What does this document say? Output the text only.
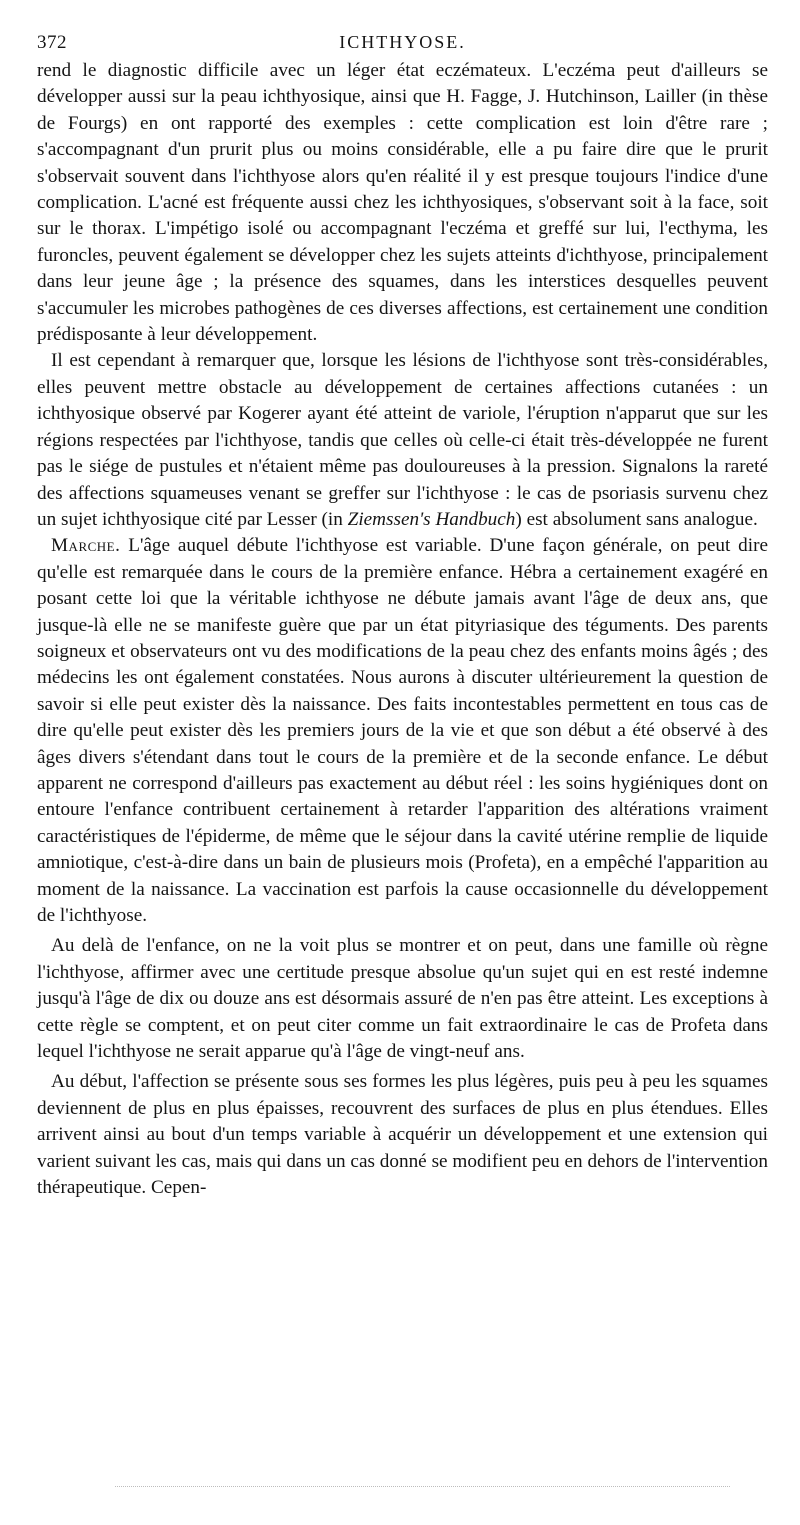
372	ICHTHYOSE.

rend le diagnostic difficile avec un léger état eczémateux. L'eczéma peut d'ailleurs se développer aussi sur la peau ichthyosique, ainsi que H. Fagge, J. Hutchinson, Lailler (in thèse de Fourgs) en ont rapporté des exemples : cette complication est loin d'être rare ; s'accompagnant d'un prurit plus ou moins considérable, elle a pu faire dire que le prurit s'observait souvent dans l'ichthyose alors qu'en réalité il y est presque toujours l'indice d'une complication. L'acné est fréquente aussi chez les ichthyosiques, s'observant soit à la face, soit sur le thorax. L'impétigo isolé ou accompagnant l'eczéma et greffé sur lui, l'ecthyma, les furoncles, peuvent également se développer chez les sujets atteints d'ichthyose, principalement dans leur jeune âge ; la présence des squames, dans les interstices desquelles peuvent s'accumuler les microbes pathogènes de ces diverses affections, est certainement une condition prédisposante à leur développement.

Il est cependant à remarquer que, lorsque les lésions de l'ichthyose sont très-considérables, elles peuvent mettre obstacle au développement de certaines affections cutanées : un ichthyosique observé par Kogerer ayant été atteint de variole, l'éruption n'apparut que sur les régions respectées par l'ichthyose, tandis que celles où celle-ci était très-développée ne furent pas le siége de pustules et n'étaient même pas douloureuses à la pression. Signalons la rareté des affections squameuses venant se greffer sur l'ichthyose : le cas de psoriasis survenu chez un sujet ichthyosique cité par Lesser (in Ziemssen's Handbuch) est absolument sans analogue.

Marche. L'âge auquel débute l'ichthyose est variable. D'une façon générale, on peut dire qu'elle est remarquée dans le cours de la première enfance. Hébra a certainement exagéré en posant cette loi que la véritable ichthyose ne débute jamais avant l'âge de deux ans, que jusque-là elle ne se manifeste guère que par un état pityriasique des téguments. Des parents soigneux et observateurs ont vu des modifications de la peau chez des enfants moins âgés ; des médecins les ont également constatées. Nous aurons à discuter ultérieurement la question de savoir si elle peut exister dès la naissance. Des faits incontestables permettent en tous cas de dire qu'elle peut exister dès les premiers jours de la vie et que son début a été observé à des âges divers s'étendant dans tout le cours de la première et de la seconde enfance. Le début apparent ne correspond d'ailleurs pas exactement au début réel : les soins hygiéniques dont on entoure l'enfance contribuent certainement à retarder l'apparition des altérations vraiment caractéristiques de l'épiderme, de même que le séjour dans la cavité utérine remplie de liquide amniotique, c'est-à-dire dans un bain de plusieurs mois (Profeta), en a empêché l'apparition au moment de la naissance. La vaccination est parfois la cause occasionnelle du développement de l'ichthyose.

Au delà de l'enfance, on ne la voit plus se montrer et on peut, dans une famille où règne l'ichthyose, affirmer avec une certitude presque absolue qu'un sujet qui en est resté indemne jusqu'à l'âge de dix ou douze ans est désormais assuré de n'en pas être atteint. Les exceptions à cette règle se comptent, et on peut citer comme un fait extraordinaire le cas de Profeta dans lequel l'ichthyose ne serait apparue qu'à l'âge de vingt-neuf ans.

Au début, l'affection se présente sous ses formes les plus légères, puis peu à peu les squames deviennent de plus en plus épaisses, recouvrent des surfaces de plus en plus étendues. Elles arrivent ainsi au bout d'un temps variable à acquérir un développement et une extension qui varient suivant les cas, mais qui dans un cas donné se modifient peu en dehors de l'intervention thérapeutique. Cepen-
